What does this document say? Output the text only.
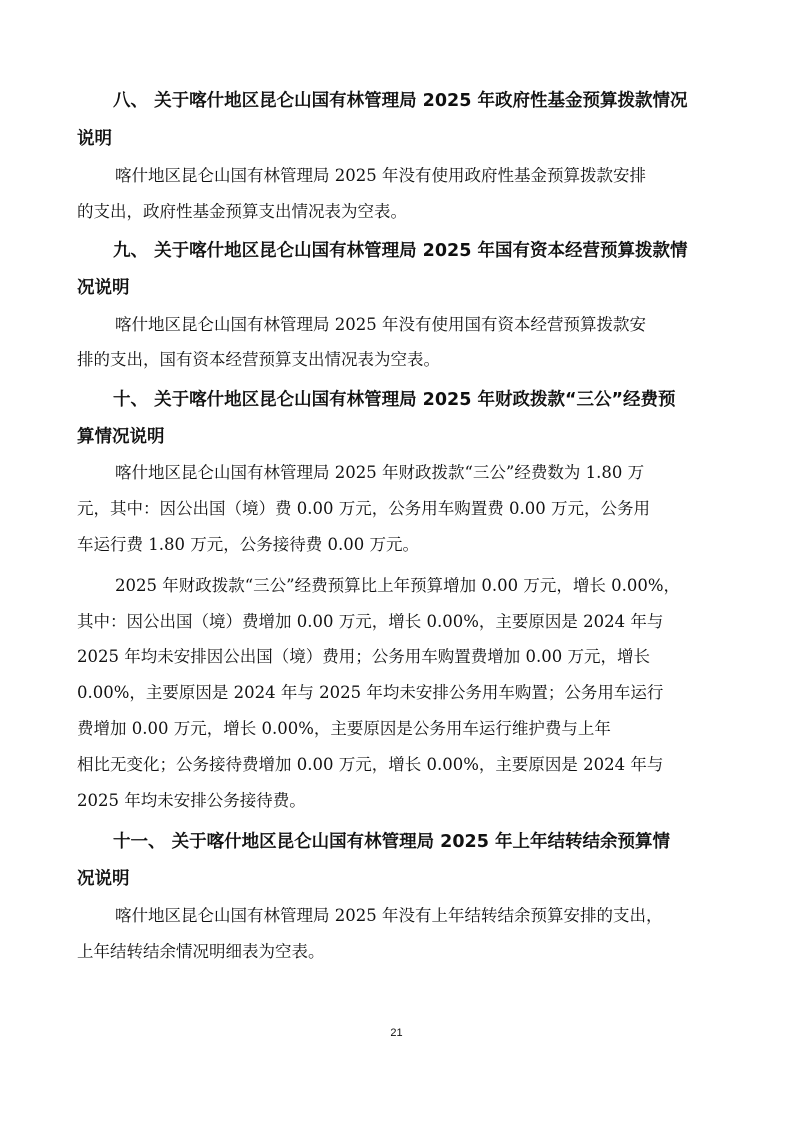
八、 关于喀什地区昆仑山国有林管理局 2025 年政府性基金预算拨款情况
说明
喀什地区昆仑山国有林管理局 2025 年没有使用政府性基金预算拨款安排
的支出，政府性基金预算支出情况表为空表。
九、 关于喀什地区昆仑山国有林管理局 2025 年国有资本经营预算拨款情
况说明
喀什地区昆仑山国有林管理局 2025 年没有使用国有资本经营预算拨款安
排的支出，国有资本经营预算支出情况表为空表。
十、 关于喀什地区昆仑山国有林管理局 2025 年财政拨款“三公”经费预
算情况说明
喀什地区昆仑山国有林管理局 2025 年财政拨款“三公”经费数为 1.80 万
元，其中：因公出国（境）费 0.00 万元，公务用车购置费 0.00 万元，公务用
车运行费 1.80 万元，公务接待费 0.00 万元。
2025 年财政拨款“三公”经费预算比上年预算增加 0.00 万元，增长 0.00%，
其中：因公出国（境）费增加 0.00 万元，增长 0.00%，主要原因是 2024 年与
2025 年均未安排因公出国（境）费用；公务用车购置费增加 0.00 万元，增长
0.00%，主要原因是 2024 年与 2025 年均未安排公务用车购置；公务用车运行
费增加 0.00 万元，增长 0.00%，主要原因是公务用车运行维护费与上年
相比无变化；公务接待费增加 0.00 万元，增长 0.00%，主要原因是 2024 年与
2025 年均未安排公务接待费。
十一、 关于喀什地区昆仑山国有林管理局 2025 年上年结转结余预算情
况说明
喀什地区昆仑山国有林管理局 2025 年没有上年结转结余预算安排的支出，
上年结转结余情况明细表为空表。
21
